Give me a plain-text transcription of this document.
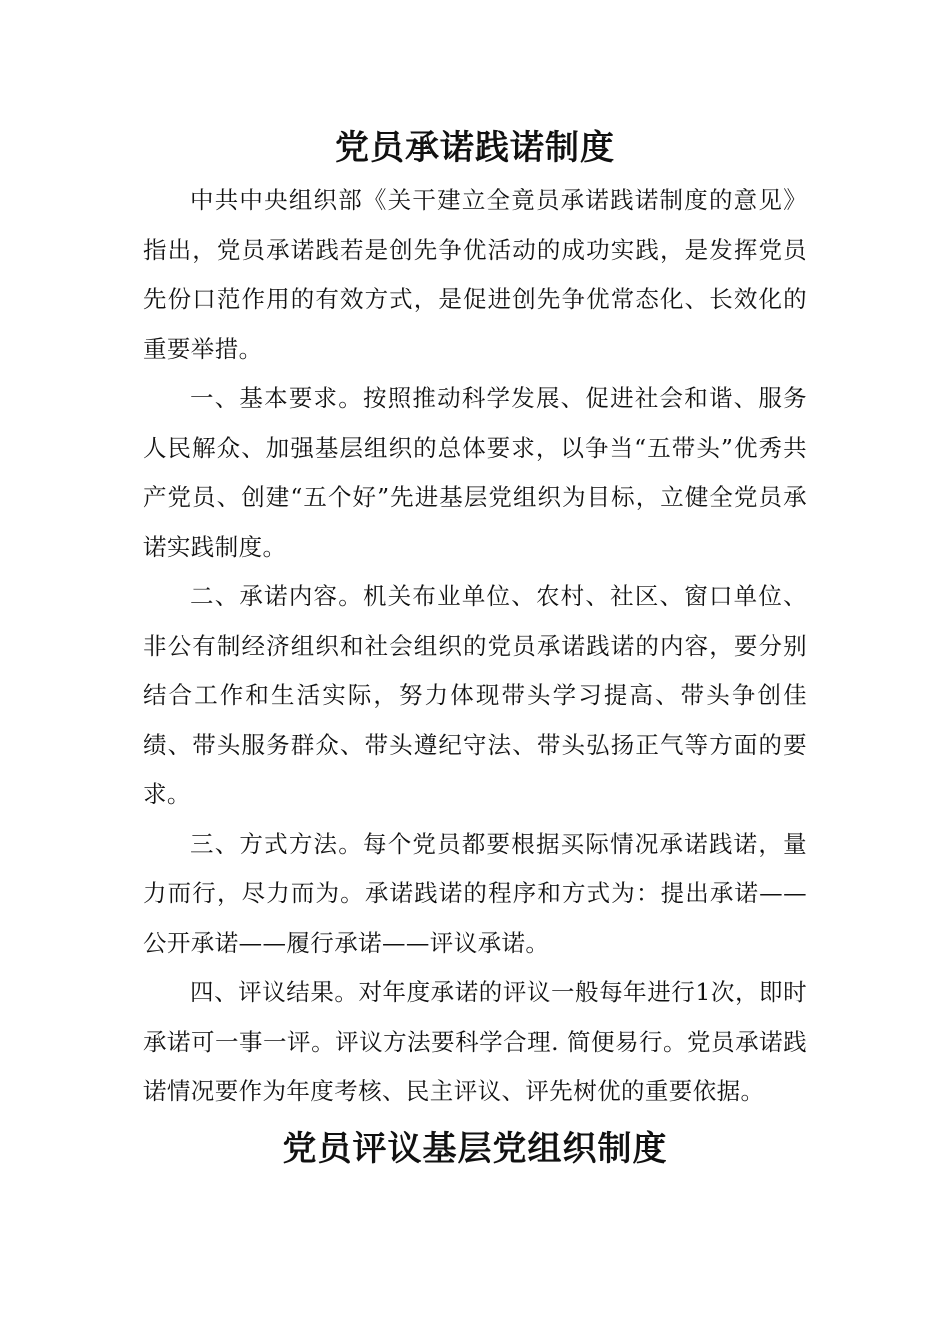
党员承诺践诺制度

中共中央组织部《关干建立全竟员承诺践诺制度的意见》指出，党员承诺践若是创先争优活动的成功实践，是发挥党员先份口范作用的有效方式，是促进创先争优常态化、长效化的重要举措。

一、基本要求。按照推动科学发展、促进社会和谐、服务人民解众、加强基层组织的总体要求，以争当“五带头”优秀共产党员、创建“五个好”先进基层党组织为目标，立健全党员承诺实践制度。

二、承诺内容。机关布业单位、农村、社区、窗口单位、非公有制经济组织和社会组织的党员承诺践诺的内容，要分别结合工作和生活实际，努力体现带头学习提高、带头争创佳绩、带头服务群众、带头遵纪守法、带头弘扬正气等方面的要求。

三、方式方法。每个党员都要根据买际情况承诺践诺，量力而行，尽力而为。承诺践诺的程序和方式为：提出承诺——公开承诺——履行承诺——评议承诺。

四、评议结果。对年度承诺的评议一般每年进行1次，即时承诺可一事一评。评议方法要科学合理. 简便易行。党员承诺践诺情况要作为年度考核、民主评议、评先树优的重要依据。

党员评议基层党组织制度
